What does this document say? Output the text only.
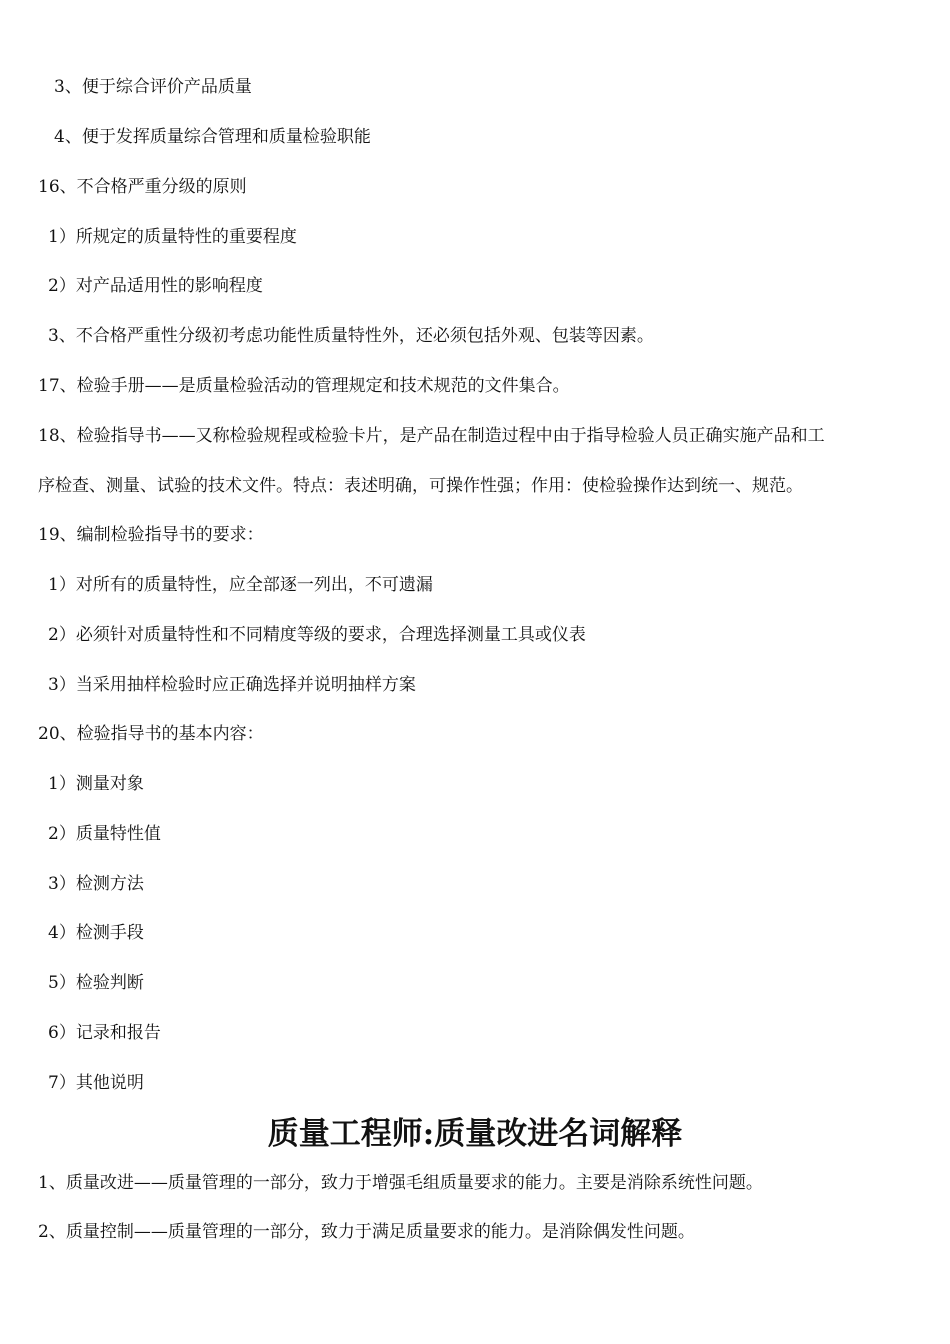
3、便于综合评价产品质量
4、便于发挥质量综合管理和质量检验职能
16、不合格严重分级的原则
1）所规定的质量特性的重要程度
2）对产品适用性的影响程度
3、不合格严重性分级初考虑功能性质量特性外，还必须包括外观、包装等因素。
17、检验手册——是质量检验活动的管理规定和技术规范的文件集合。
18、检验指导书——又称检验规程或检验卡片，是产品在制造过程中由于指导检验人员正确实施产品和工
序检查、测量、试验的技术文件。特点：表述明确，可操作性强；作用：使检验操作达到统一、规范。
19、编制检验指导书的要求：
1）对所有的质量特性，应全部逐一列出，不可遗漏
2）必须针对质量特性和不同精度等级的要求，合理选择测量工具或仪表
3）当采用抽样检验时应正确选择并说明抽样方案
20、检验指导书的基本内容：
1）测量对象
2）质量特性值
3）检测方法
4）检测手段
5）检验判断
6）记录和报告
7）其他说明
质量工程师:质量改进名词解释
1、质量改进——质量管理的一部分，致力于增强毛组质量要求的能力。主要是消除系统性问题。
2、质量控制——质量管理的一部分，致力于满足质量要求的能力。是消除偶发性问题。
